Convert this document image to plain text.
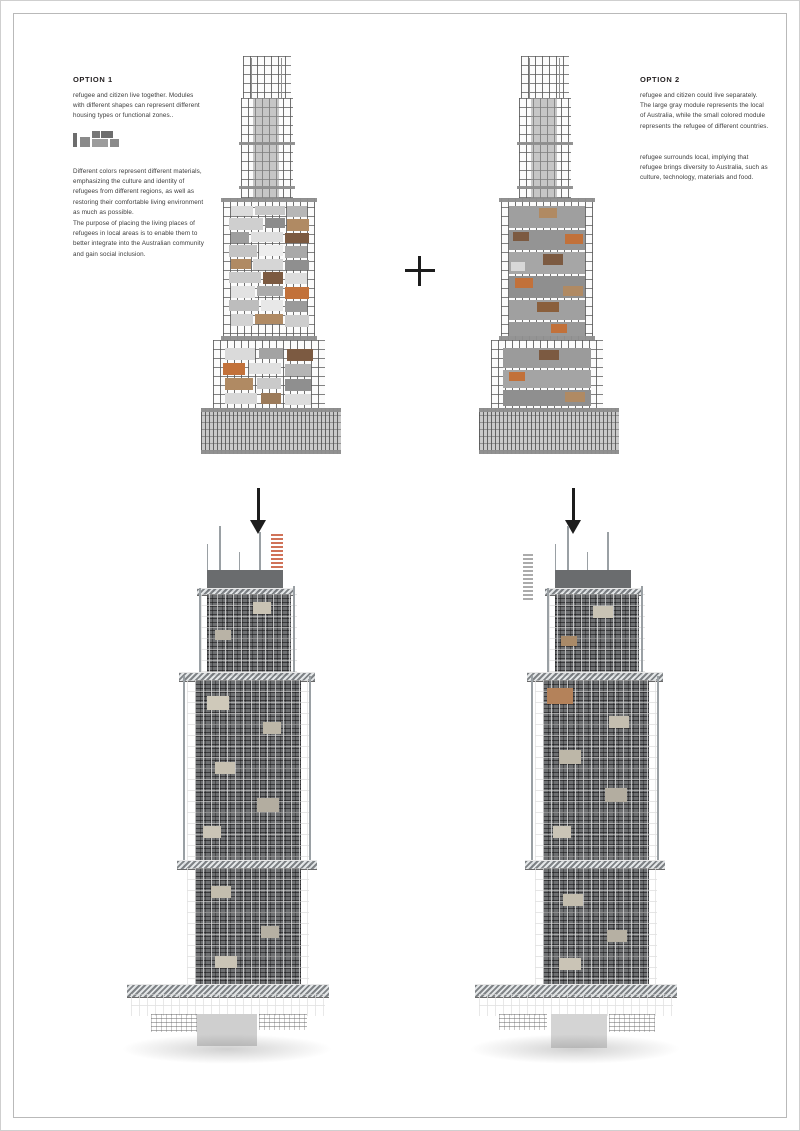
OPTION 1
refugee and citizen live together. Modules with different shapes can represent different housing types or functional zones..
Different colors represent different materials, emphasizing the culture and identity of refugees from different regions, as well as restoring their comfortable living environment as much as possible.
The purpose of placing the living places of refugees in local areas is to enable them to better integrate into the Australian community and gain social inclusion.
OPTION 2
refugee and citizen could live separately. The large gray module represents the local of Australia, while the small colored module represents the refugee of different countries.
refugee surrounds local, implying that refugee brings diversity to Australia, such as culture, technology, materials and food.
